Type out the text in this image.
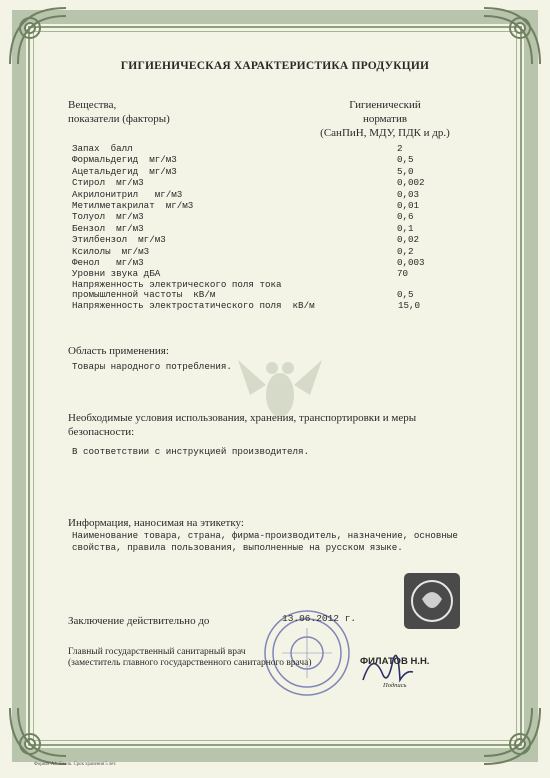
ГИГИЕНИЧЕСКАЯ ХАРАКТЕРИСТИКА ПРОДУКЦИИ
Вещества,
показатели (факторы)
Гигиенический
норматив
(СанПиН, МДУ, ПДК и др.)
Запах  балл	2
Формальдегид  мг/м3	0,5
Ацетальдегид  мг/м3	5,0
Стирол  мг/м3	0,002
Акрилонитрил   мг/м3	0,03
Метилметакрилат  мг/м3	0,01
Толуол  мг/м3	0,6
Бензол  мг/м3	0,1
Этилбензол  мг/м3	0,02
Ксилолы  мг/м3	0,2
Фенол   мг/м3	0,003
Уровни звука дБА	70
Напряженность электрического поля тока
промышленной частоты  кВ/м	0,5
Напряженность электростатического поля  кВ/м	15,0
Область применения:
Товары народного потребления.
Необходимые условия использования, хранения, транспортировки и меры
безопасности:
В соответствии с инструкцией производителя.
Информация, наносимая на этикетку:
Наименование товара, страна, фирма-производитель, назначение, основные
свойства, правила пользования, выполненные на русском языке.
Заключение действительно до	13.06.2012 г.
Главный государственный санитарный врач
(заместитель главного государственного санитарного врача)	ФИЛАТОВ Н.Н.
Подпись
Формат А4. Бланк. Срок хранения 5 лет.
